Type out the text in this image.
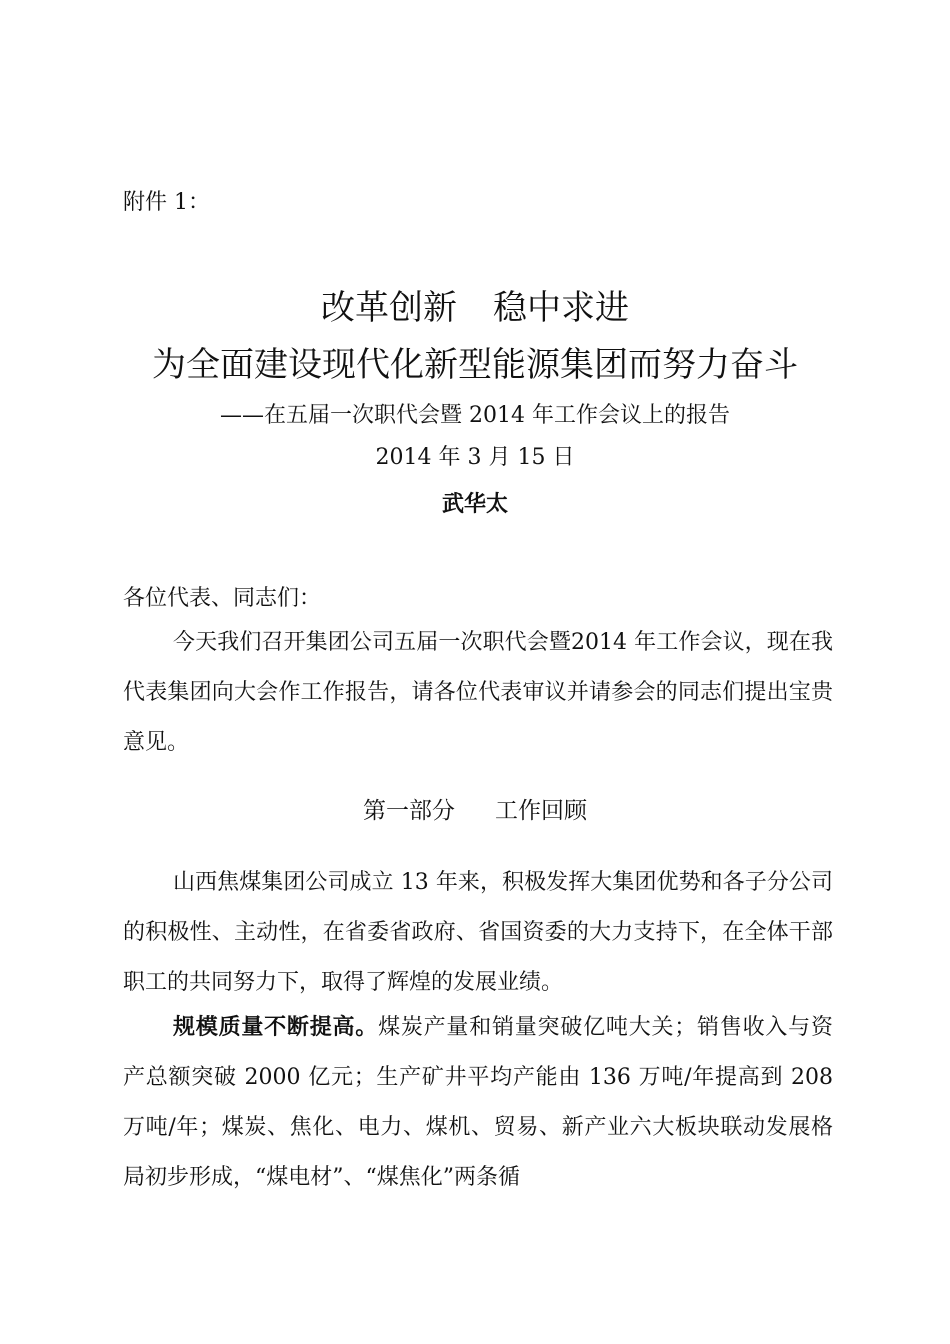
附件 1：
改革创新 稳中求进
为全面建设现代化新型能源集团而努力奋斗
——在五届一次职代会暨 2014 年工作会议上的报告
2014 年 3 月 15 日
武华太
各位代表、同志们：
今天我们召开集团公司五届一次职代会暨2014 年工作会议，现在我代表集团向大会作工作报告，请各位代表审议并请参会的同志们提出宝贵意见。
第一部分 工作回顾
山西焦煤集团公司成立 13 年来，积极发挥大集团优势和各子分公司的积极性、主动性，在省委省政府、省国资委的大力支持下，在全体干部职工的共同努力下，取得了辉煌的发展业绩。
规模质量不断提高。煤炭产量和销量突破亿吨大关；销售收入与资产总额突破 2000 亿元；生产矿井平均产能由 136 万吨/年提高到 208 万吨/年；煤炭、焦化、电力、煤机、贸易、新产业六大板块联动发展格局初步形成，“煤电材”、“煤焦化”两条循
